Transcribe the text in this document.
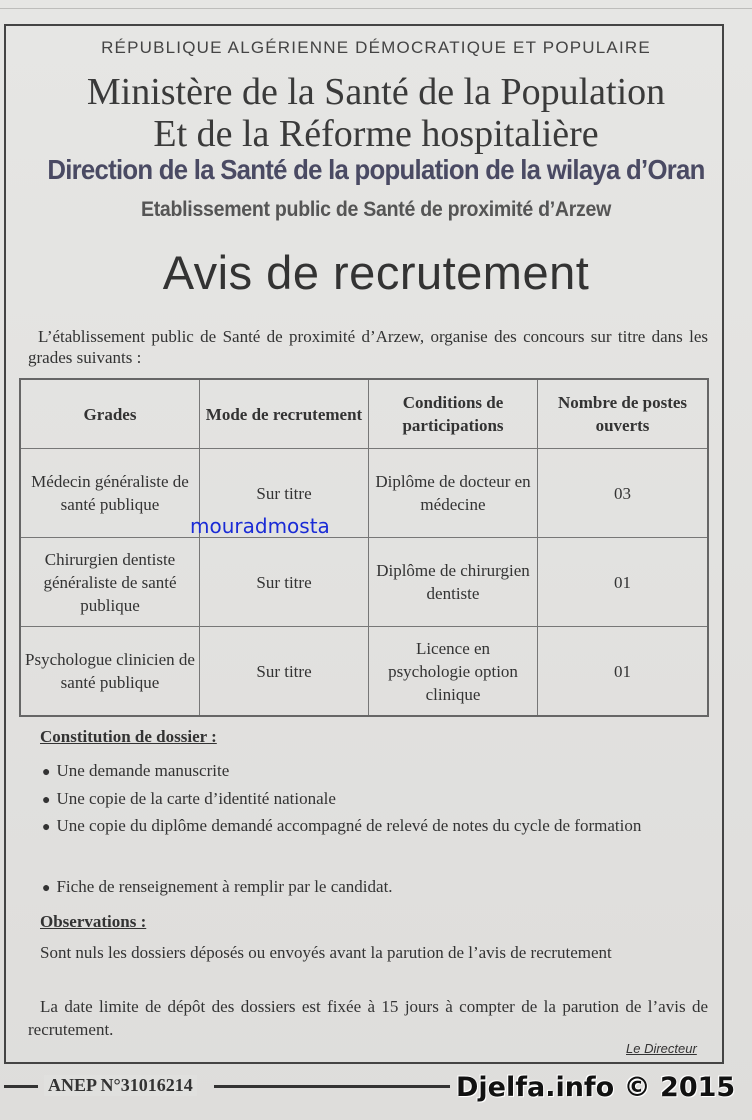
RÉPUBLIQUE ALGÉRIENNE DÉMOCRATIQUE ET POPULAIRE

Ministère de la Santé de la Population

Et de la Réforme hospitalière

Direction de la Santé de la population de la wilaya d’Oran

Etablissement public de Santé de proximité d’Arzew

Avis de recrutement

L’établissement public de Santé de proximité d’Arzew, organise des concours sur titre dans les grades suivants :

Grades	Mode de recrutement	Conditions de participations	Nombre de postes ouverts
Médecin généraliste de santé publique	Sur titre	Diplôme de docteur en médecine	03
Chirurgien dentiste généraliste de santé publique	Sur titre	Diplôme de chirurgien dentiste	01
Psychologue clinicien de santé publique	Sur titre	Licence en psychologie option clinique	01
mouradmosta

Constitution de dossier :

● Une demande manuscrite

● Une copie de la carte d’identité nationale

● Une copie du diplôme demandé accompagné de relevé de notes du cycle de formation

● Fiche de renseignement à remplir par le candidat.

Observations :

Sont nuls les dossiers déposés ou envoyés avant la parution de l’avis de recrutement

La date limite de dépôt des dossiers est fixée à 15 jours à compter de la parution de l’avis de recrutement.

Le Directeur

ANEP N°31016214	Djelfa.info © 2015
